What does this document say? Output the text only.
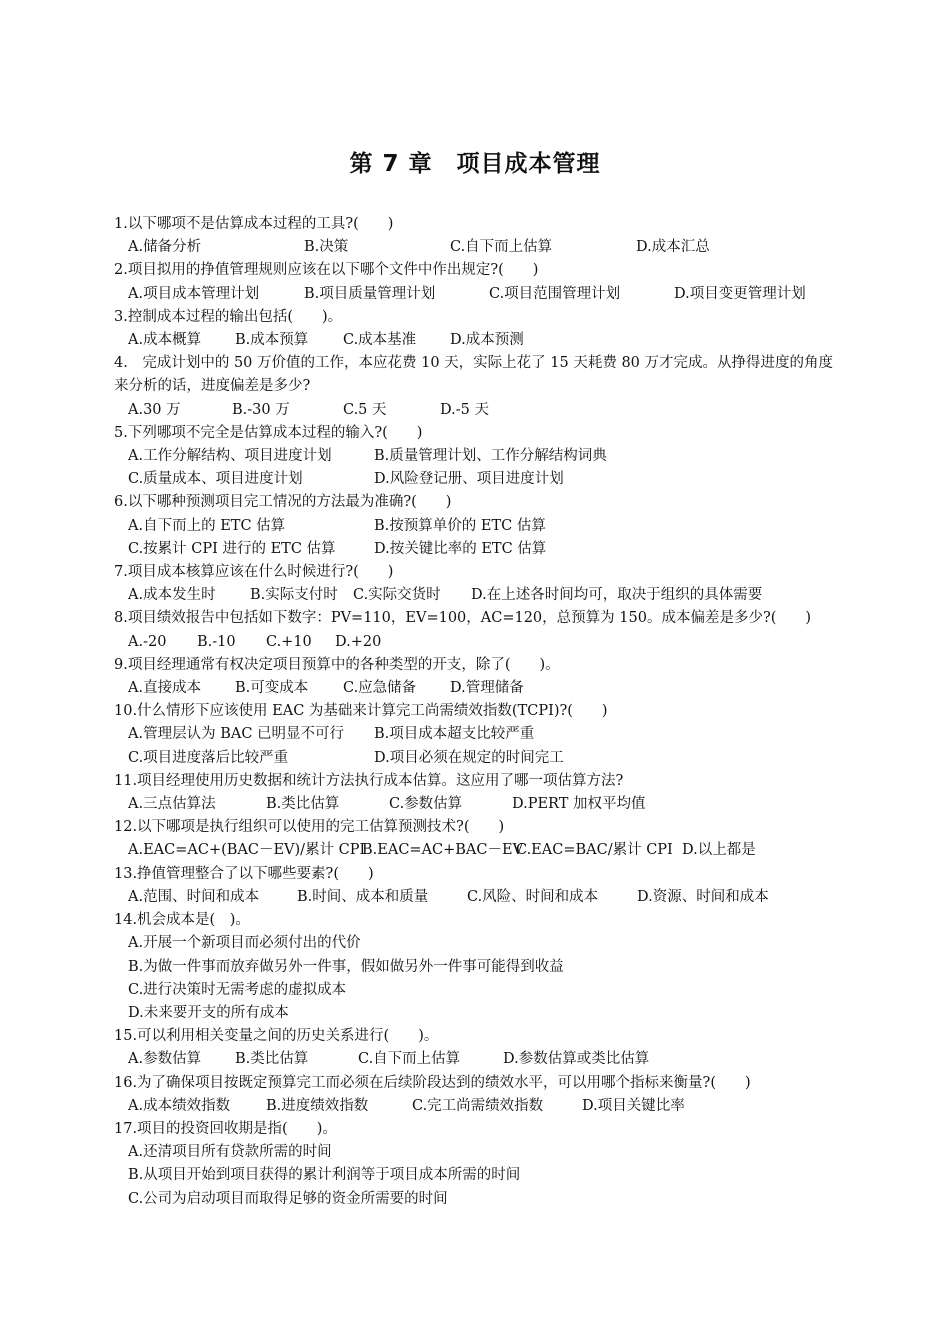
第 7 章　项目成本管理
1.以下哪项不是估算成本过程的工具?(　　)
A.储备分析	B.决策	C.自下而上估算	D.成本汇总
2.项目拟用的挣值管理规则应该在以下哪个文件中作出规定?(　　)
A.项目成本管理计划	B.项目质量管理计划	C.项目范围管理计划	D.项目变更管理计划
3.控制成本过程的输出包括(　　)。
A.成本概算 B.成本预算 C.成本基准 D.成本预测
4.　完成计划中的 50 万价值的工作，本应花费 10 天，实际上花了 15 天耗费 80 万才完成。从挣得进度的角度来分析的话，进度偏差是多少?
A.30 万	B.-30 万	C.5 天	D.-5 天
5.下列哪项不完全是估算成本过程的输入?(　　)
A.工作分解结构、项目进度计划	B.质量管理计划、工作分解结构词典
C.质量成本、项目进度计划	D.风险登记册、项目进度计划
6.以下哪种预测项目完工情况的方法最为准确?(　　)
A.自下而上的 ETC 估算	B.按预算单价的 ETC 估算
C.按累计 CPI 进行的 ETC 估算	D.按关键比率的 ETC 估算
7.项目成本核算应该在什么时候进行?(　　)
A.成本发生时 B.实际支付时 C.实际交货时 D.在上述各时间均可，取决于组织的具体需要
8.项目绩效报告中包括如下数字：PV=110，EV=100，AC=120，总预算为 150。成本偏差是多少?(　　)
A.-20 B.-10 C.+10 D.+20
9.项目经理通常有权决定项目预算中的各种类型的开支，除了(　　)。
A.直接成本 B.可变成本 C.应急储备 D.管理储备
10.什么情形下应该使用 EAC 为基础来计算完工尚需绩效指数(TCPI)?(　　)
A.管理层认为 BAC 已明显不可行 B.项目成本超支比较严重
C.项目进度落后比较严重	D.项目必须在规定的时间完工
11.项目经理使用历史数据和统计方法执行成本估算。这应用了哪一项估算方法?
A.三点估算法	B.类比估算	C.参数估算	D.PERT 加权平均值
12.以下哪项是执行组织可以使用的完工估算预测技术?(　　)
A.EAC=AC+(BAC－EV)/累计 CPIB.EAC=AC+BAC－EVC.EAC=BAC/累计 CPI D.以上都是
13.挣值管理整合了以下哪些要素?(　　)
A.范围、时间和成本	B.时间、成本和质量	C.风险、时间和成本	D.资源、时间和成本
14.机会成本是(　)。
A.开展一个新项目而必须付出的代价
B.为做一件事而放弃做另外一件事，假如做另外一件事可能得到收益
C.进行决策时无需考虑的虚拟成本
D.未来要开支的所有成本
15.可以利用相关变量之间的历史关系进行(　　)。
A.参数估算 B.类比估算	C.自下而上估算	D.参数估算或类比估算
16.为了确保项目按既定预算完工而必须在后续阶段达到的绩效水平，可以用哪个指标来衡量?(　　)
A.成本绩效指数 B.进度绩效指数	C.完工尚需绩效指数	D.项目关键比率
17.项目的投资回收期是指(　　)。
A.还清项目所有贷款所需的时间
B.从项目开始到项目获得的累计利润等于项目成本所需的时间
C.公司为启动项目而取得足够的资金所需要的时间
